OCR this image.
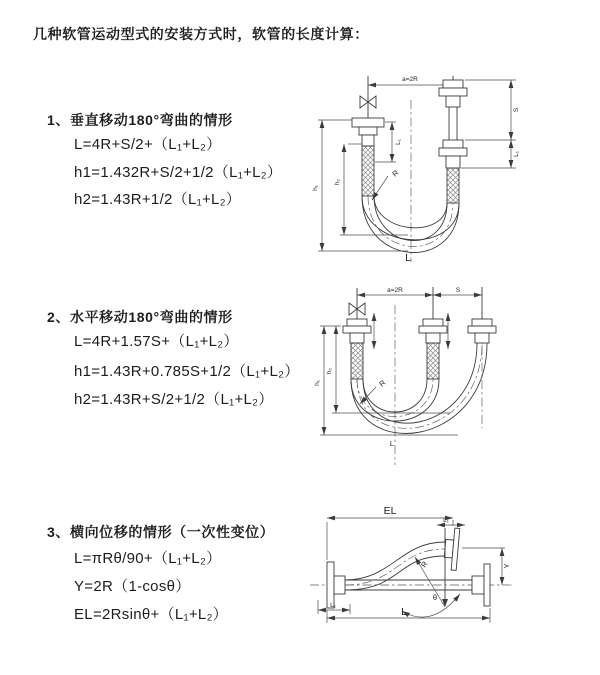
几种软管运动型式的安装方式时，软管的长度计算：
1、垂直移动180°弯曲的情形
L=4R+S/2+（L₁+L₂）
h1=1.432R+S/2+1/2（L₁+L₂）
h2=1.43R+1/2（L₁+L₂）
2、水平移动180°弯曲的情形
L=4R+1.57S+（L₁+L₂）
h1=1.43R+0.785S+1/2（L₁+L₂）
h2=1.43R+S/2+1/2（L₁+L₂）
3、横向位移的情形（一次性变位）
L=πRθ/90+（L₁+L₂）
Y=2R（1-cosθ）
EL=2Rsinθ+（L₁+L₂）
a=2R
R
L
S
L₁
L₁
h₂
h₁
a=2R	S
h₂
h₁	R
L
EL
L₁
R
θ
Y
L₁
L
